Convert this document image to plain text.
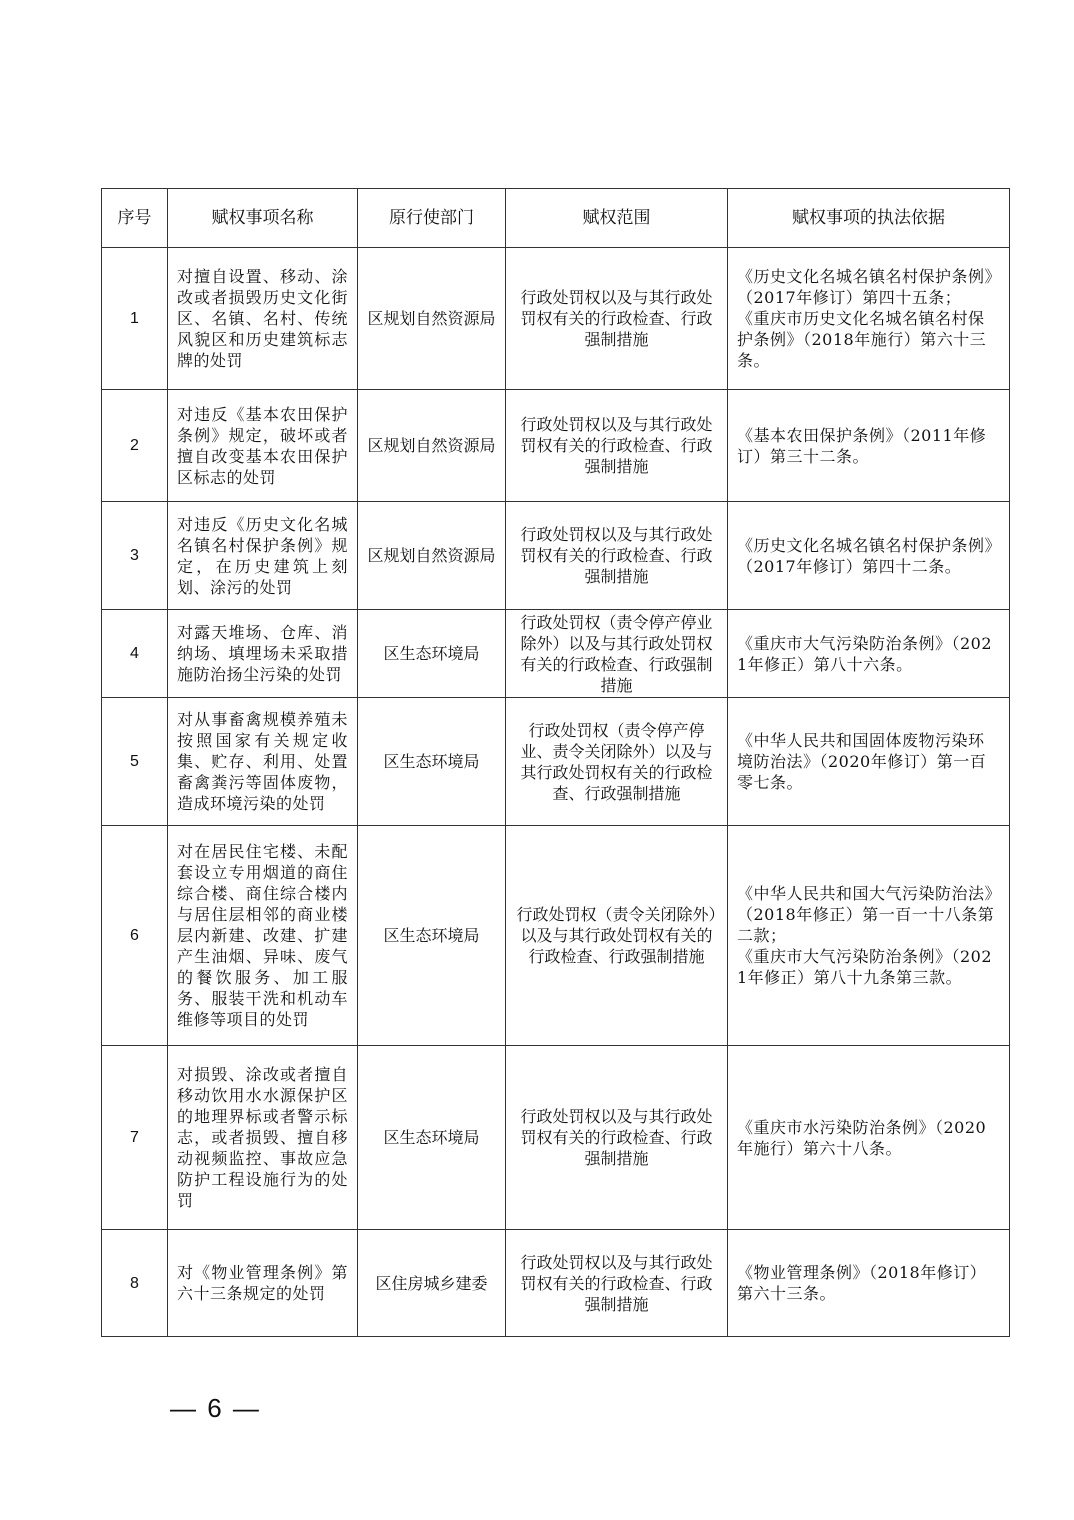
序号	赋权事项名称	原行使部门	赋权范围	赋权事项的执法依据
1	对擅自设置、移动、涂改或者损毁历史文化街区、名镇、名村、传统风貌区和历史建筑标志牌的处罚	区规划自然资源局	行政处罚权以及与其行政处罚权有关的行政检查、行政强制措施	《历史文化名城名镇名村保护条例》（2017年修订）第四十五条；
《重庆市历史文化名城名镇名村保护条例》（2018年施行）第六十三条。

2	对违反《基本农田保护条例》规定，破坏或者擅自改变基本农田保护区标志的处罚	区规划自然资源局	行政处罚权以及与其行政处罚权有关的行政检查、行政强制措施	《基本农田保护条例》（2011年修订）第三十二条。

3	对违反《历史文化名城名镇名村保护条例》规定，在历史建筑上刻划、涂污的处罚	区规划自然资源局	行政处罚权以及与其行政处罚权有关的行政检查、行政强制措施	《历史文化名城名镇名村保护条例》（2017年修订）第四十二条。

4	对露天堆场、仓库、消纳场、填埋场未采取措施防治扬尘污染的处罚	区生态环境局	行政处罚权（责令停产停业除外）以及与其行政处罚权有关的行政检查、行政强制措施	《重庆市大气污染防治条例》（2021年修正）第八十六条。

5	对从事畜禽规模养殖未按照国家有关规定收集、贮存、利用、处置畜禽粪污等固体废物，造成环境污染的处罚	区生态环境局	行政处罚权（责令停产停业、责令关闭除外）以及与其行政处罚权有关的行政检查、行政强制措施	《中华人民共和国固体废物污染环境防治法》（2020年修订）第一百零七条。

6	对在居民住宅楼、未配套设立专用烟道的商住综合楼、商住综合楼内与居住层相邻的商业楼层内新建、改建、扩建产生油烟、异味、废气的餐饮服务、加工服务、服装干洗和机动车维修等项目的处罚	区生态环境局	行政处罚权（责令关闭除外）以及与其行政处罚权有关的行政检查、行政强制措施	《中华人民共和国大气污染防治法》（2018年修正）第一百一十八条第二款；
《重庆市大气污染防治条例》（2021年修正）第八十九条第三款。

7	对损毁、涂改或者擅自移动饮用水水源保护区的地理界标或者警示标志，或者损毁、擅自移动视频监控、事故应急防护工程设施行为的处罚	区生态环境局	行政处罚权以及与其行政处罚权有关的行政检查、行政强制措施	《重庆市水污染防治条例》（2020年施行）第六十八条。

8	对《物业管理条例》第六十三条规定的处罚	区住房城乡建委	行政处罚权以及与其行政处罚权有关的行政检查、行政强制措施	《物业管理条例》（2018年修订）第六十三条。
— 6 —
